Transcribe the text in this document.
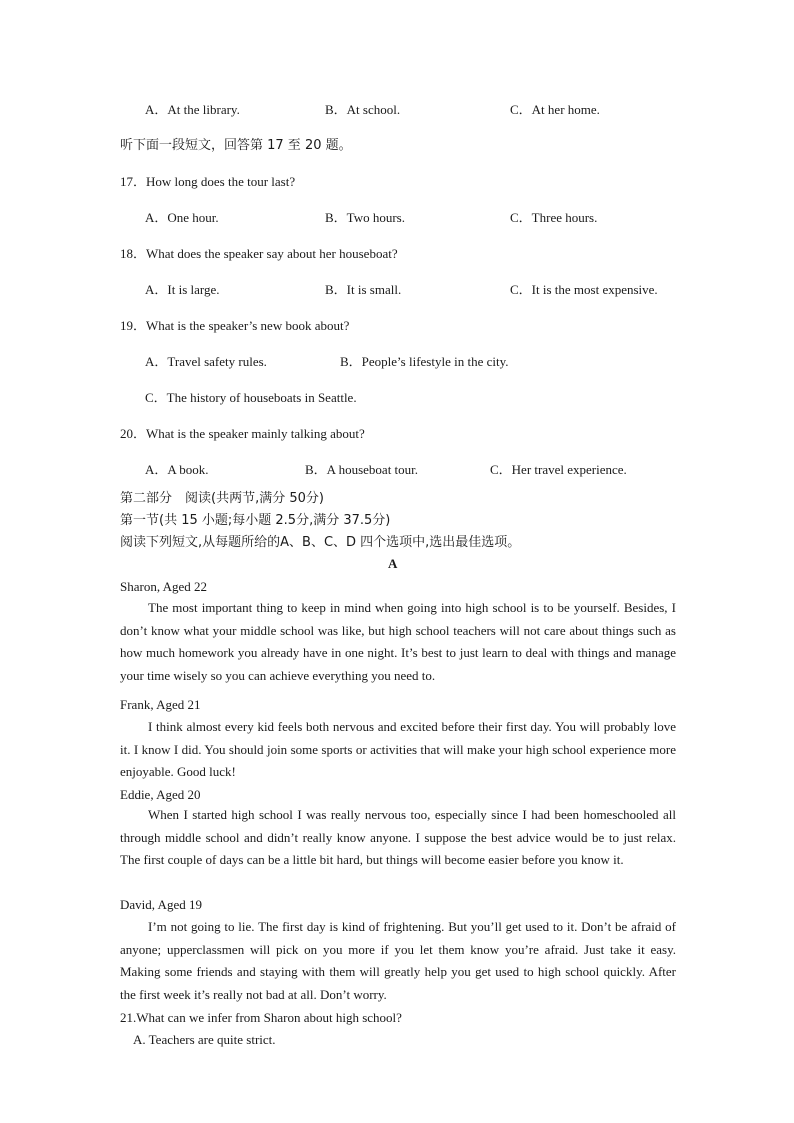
A．At the library.	B．At school.	C．At her home.
听下面一段短文，回答第 17 至 20 题。
17．How long does the tour last?
A．One hour.	B．Two hours.	C．Three hours.
18．What does the speaker say about her houseboat?
A．It is large.	B．It is small.	C．It is the most expensive.
19．What is the speaker’s new book about?
A．Travel safety rules.	B．People’s lifestyle in the city.
C．The history of houseboats in Seattle.
20．What is the speaker mainly talking about?
A．A book.	B．A houseboat tour.	C．Her travel experience.
第二部分　阅读(共两节,满分 50分)
第一节(共 15 小题;每小题 2.5分,满分 37.5分)
阅读下列短文,从每题所给的A、B、C、D 四个选项中,选出最佳选项。
A
Sharon, Aged 22
The most important thing to keep in mind when going into high school is to be yourself. Besides, I don’t know what your middle school was like, but high school teachers will not care about things such as how much homework you already have in one night. It’s best to just learn to deal with things and manage your time wisely so you can achieve everything you need to.
Frank, Aged 21
I think almost every kid feels both nervous and excited before their first day. You will probably love it. I know I did. You should join some sports or activities that will make your high school experience more enjoyable. Good luck!
Eddie, Aged 20
When I started high school I was really nervous too, especially since I had been homeschooled all through middle school and didn’t really know anyone. I suppose the best advice would be to just relax. The first couple of days can be a little bit hard, but things will become easier before you know it.
David, Aged 19
I’m not going to lie. The first day is kind of frightening. But you’ll get used to it. Don’t be afraid of anyone; upperclassmen will pick on you more if you let them know you’re afraid. Just take it easy. Making some friends and staying with them will greatly help you get used to high school quickly. After the first week it’s really not bad at all. Don’t worry.
21.What can we infer from Sharon about high school?
A. Teachers are quite strict.
